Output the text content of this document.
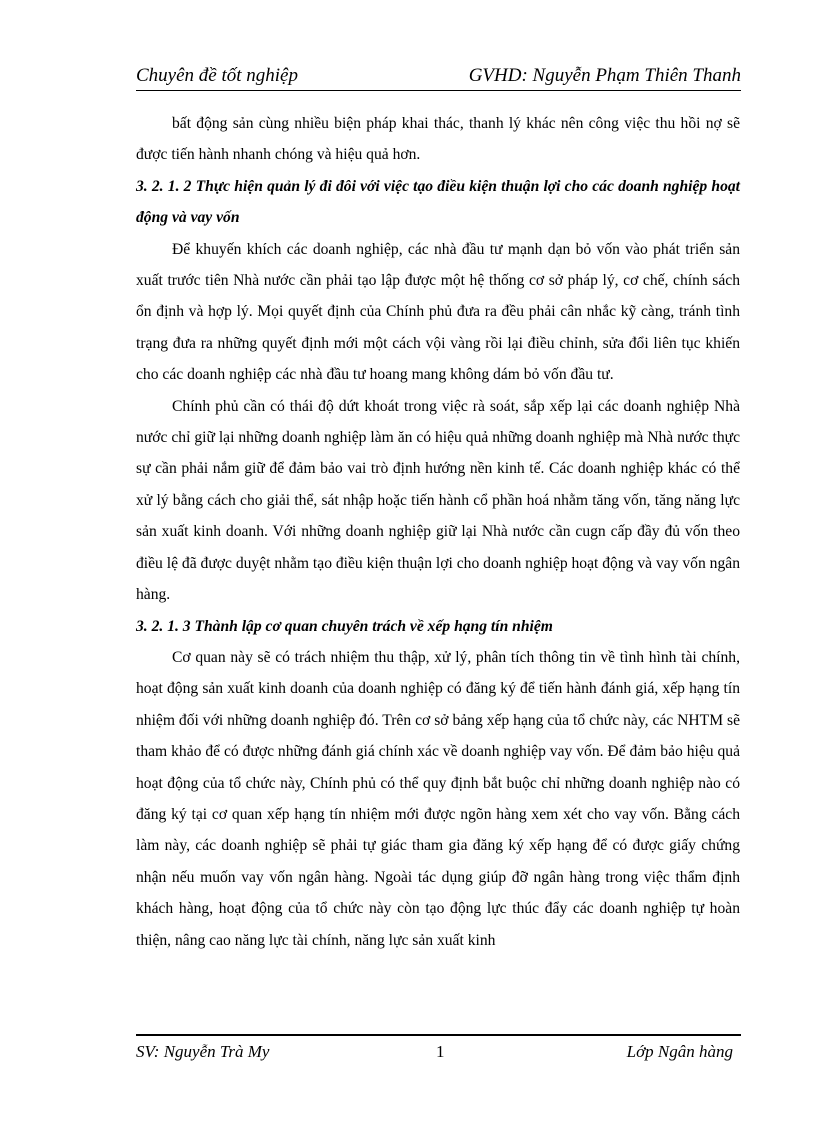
Chuyên đề tốt nghiệp	GVHD: Nguyễn Phạm Thiên Thanh

bất động sản cùng nhiều biện pháp khai thác, thanh lý khác nên công việc thu hồi nợ sẽ được tiến hành nhanh chóng và hiệu quả hơn.

3. 2. 1. 2 Thực hiện quản lý đi đôi với việc tạo điều kiện thuận lợi cho các doanh nghiệp hoạt động và vay vốn

Để khuyến khích các doanh nghiệp, các nhà đầu tư mạnh dạn bỏ vốn vào phát triển sản xuất trước tiên Nhà nước cần phải tạo lập được một hệ thống cơ sở pháp lý, cơ chế, chính sách ổn định và hợp lý. Mọi quyết định của Chính phủ đưa ra đều phải cân nhắc kỹ càng, tránh tình trạng đưa ra những quyết định mới một cách vội vàng rồi lại điều chỉnh, sửa đổi liên tục khiến cho các doanh nghiệp các nhà đầu tư hoang mang không dám bỏ vốn đầu tư.

Chính phủ cần có thái độ dứt khoát trong việc rà soát, sắp xếp lại các doanh nghiệp Nhà nước chỉ giữ lại những doanh nghiệp làm ăn có hiệu quả những doanh nghiệp mà Nhà nước thực sự cần phải nắm giữ để đảm bảo vai trò định hướng nền kinh tế. Các doanh nghiệp khác có thể xử lý bằng cách cho giải thể, sát nhập hoặc tiến hành cổ phần hoá nhằm tăng vốn, tăng năng lực sản xuất kinh doanh. Với những doanh nghiệp giữ lại Nhà nước cần cugn cấp đầy đủ vốn theo điều lệ đã được duyệt nhằm tạo điều kiện thuận lợi cho doanh nghiệp hoạt động và vay vốn ngân hàng.

3. 2. 1. 3 Thành lập cơ quan chuyên trách về xếp hạng tín nhiệm

Cơ quan này sẽ có trách nhiệm thu thập, xử lý, phân tích thông tin về tình hình tài chính, hoạt động sản xuất kinh doanh của doanh nghiệp có đăng ký để tiến hành đánh giá, xếp hạng tín nhiệm đối với những doanh nghiệp đó. Trên cơ sở bảng xếp hạng của tổ chức này, các NHTM sẽ tham khảo để có được những đánh giá chính xác về doanh nghiệp vay vốn. Để đảm bảo hiệu quả hoạt động của tổ chức này, Chính phủ có thể quy định bắt buộc chỉ những doanh nghiệp nào có đăng ký tại cơ quan xếp hạng tín nhiệm mới được ngõn hàng xem xét cho vay vốn. Bằng cách làm này, các doanh nghiệp sẽ phải tự giác tham gia đăng ký xếp hạng để có được giấy chứng nhận nếu muốn vay vốn ngân hàng. Ngoài tác dụng giúp đỡ ngân hàng trong việc thẩm định khách hàng, hoạt động của tổ chức này còn tạo động lực thúc đẩy các doanh nghiệp tự hoàn thiện, nâng cao năng lực tài chính, năng lực sản xuất kinh

SV: Nguyễn Trà My	1	Lớp Ngân hàng
